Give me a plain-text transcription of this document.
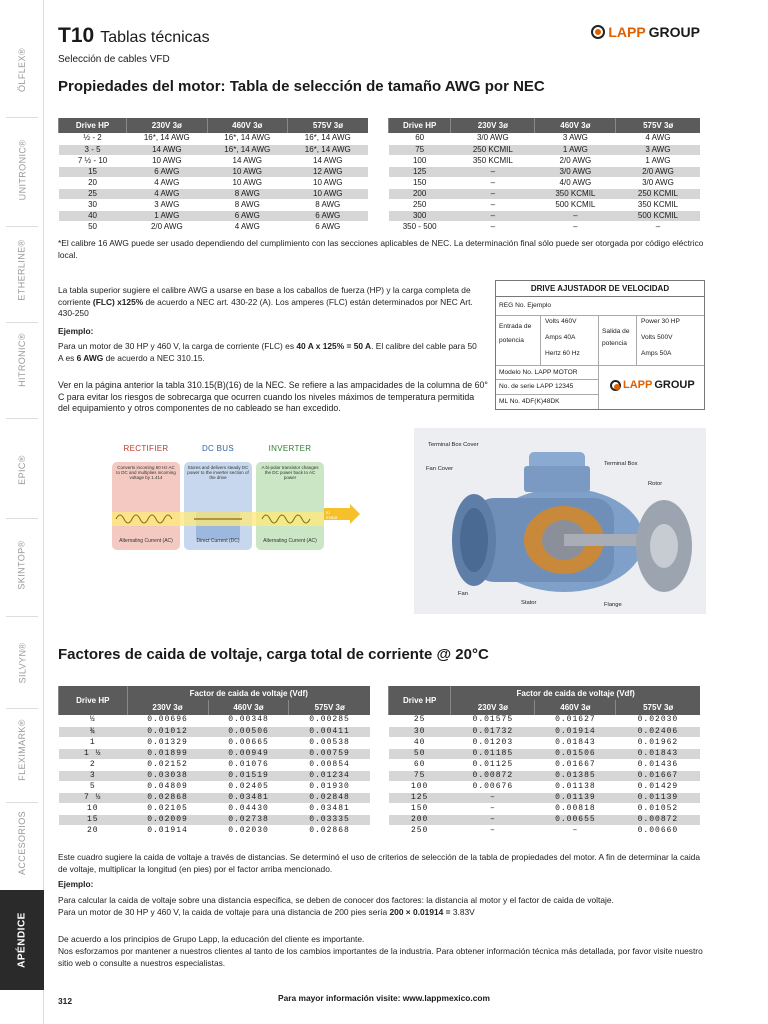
ÖLFLEX®
UNITRONIC®
ETHERLINE®
HITRONIC®
EPIC®
SKINTOP®
SILVYN®
FLEXIMARK®
ACCESORIOS
APÉNDICE
T10 Tablas técnicas
Selección de cables VFD
LAPP GROUP
Propiedades del motor: Tabla de selección de tamaño AWG por NEC
Drive HP	230V 3ø	460V 3ø	575V 3ø
½ - 2	16*, 14 AWG	16*, 14 AWG	16*, 14 AWG
3 - 5	14 AWG	16*, 14 AWG	16*, 14 AWG
7 ½ - 10	10 AWG	14 AWG	14 AWG
15	6 AWG	10 AWG	12 AWG
20	4 AWG	10 AWG	10 AWG
25	4 AWG	8 AWG	10 AWG
30	3 AWG	8 AWG	8 AWG
40	1 AWG	6 AWG	6 AWG
50	2/0 AWG	4 AWG	6 AWG
Drive HP	230V 3ø	460V 3ø	575V 3ø
60	3/0 AWG	3 AWG	4 AWG
75	250 KCMIL	1 AWG	3 AWG
100	350 KCMIL	2/0 AWG	1 AWG
125	–	3/0 AWG	2/0 AWG
150	–	4/0 AWG	3/0 AWG
200	–	350 KCMIL	250 KCMIL
250	–	500 KCMIL	350 KCMIL
300	–	–	500 KCMIL
350 - 500	–	–	–
*El calibre 16 AWG puede ser usado dependiendo del cumplimiento con las secciones aplicables de NEC. La determinación final sólo puede ser otorgada por código eléctrico local.
La tabla superior sugiere el calibre AWG a usarse en base a los caballos de fuerza (HP) y la carga completa de corriente (FLC) x125% de acuerdo a NEC art. 430-22 (A). Los amperes (FLC) están determinados por NEC Art. 430-250
Ejemplo:
Para un motor de 30 HP y 460 V, la carga de corriente (FLC) es 40 A x 125% = 50 A. El calibre del cable para 50 A es 6 AWG de acuerdo a NEC 310.15.
Ver en la página anterior la tabla 310.15(B)(16) de la NEC. Se refiere a las ampacidades de la columna de 60° C para evitar los riesgos de sobrecarga que ocurren cuando los niveles máximos de temperatura permitida del equipamiento y otros componentes de no cableado se han excedido.
DRIVE AJUSTADOR DE VELOCIDAD
REG No. Ejemplo
Entrada de potencia
Volts 460V
Amps 40A
Hertz 60 Hz
Salida de potencia
Power 30 HP
Volts 500V
Amps 50A
Modelo No. LAPP MOTOR
No. de serie LAPP 12345
ML No. 4DF(K)48DK
LAPP GROUP
RECTIFIER	DC BUS	INVERTER
Converts incoming 60 Hz AC to DC and multiplies incoming voltage by 1.414
Alternating Current (AC)
Stores and delivers steady DC power to the inverter section of the drive
Direct Current (DC)
A bi-polar transistor changes the DC power back to AC power
Alternating Current (AC)
to motor
Terminal Box Cover
Fan Cover
Terminal Box
Rotor
Fan
Stator	Flange
Factores de caida de voltaje, carga total de corriente @ 20°C
Drive HP	Factor de caida de voltaje (Vdf)		
	230V 3ø	460V 3ø	575V 3ø
½	0.00696	0.00348	0.00285
¾	0.01012	0.00506	0.00411
1	0.01329	0.00665	0.00538
1 ½	0.01899	0.00949	0.00759
2	0.02152	0.01076	0.00854
3	0.03038	0.01519	0.01234
5	0.04809	0.02405	0.01930
7 ½	0.02868	0.03481	0.02848
10	0.02105	0.04430	0.03481
15	0.02009	0.02738	0.03335
20	0.01914	0.02030	0.02868
Drive HP	Factor de caida de voltaje (Vdf)		
	230V 3ø	460V 3ø	575V 3ø
25	0.01575	0.01627	0.02030
30	0.01732	0.01914	0.02406
40	0.01203	0.01843	0.01962
50	0.01185	0.01506	0.01843
60	0.01125	0.01667	0.01436
75	0.00872	0.01385	0.01667
100	0.00676	0.01138	0.01429
125	–	0.01139	0.01139
150	–	0.00818	0.01052
200	–	0.00655	0.00872
250	–	–	0.00660
Este cuadro sugiere la caida de voltaje a través de distancias. Se determinó el uso de criterios de selección de la tabla de propiedades del motor. A fin de determinar la caida de voltaje, multiplicar la longitud (en pies) por el factor arriba mencionado.
Ejemplo:
Para calcular la caida de voltaje sobre una distancia especifica, se deben de conocer dos factores: la distancia al motor y el factor de caida de voltaje.
Para un motor de 30 HP y 460 V, la caida de voltaje para una distancia de 200 pies sería 200 × 0.01914 = 3.83V
De acuerdo a los principios de Grupo Lapp, la educación del cliente es importante.
Nos esforzamos por mantener a nuestros clientes al tanto de los cambios importantes de la industria. Para obtener información técnica más detallada, por favor visite nuestro sitio web o consulte a nuestros especialistas.
312	Para mayor información visite: www.lappmexico.com
